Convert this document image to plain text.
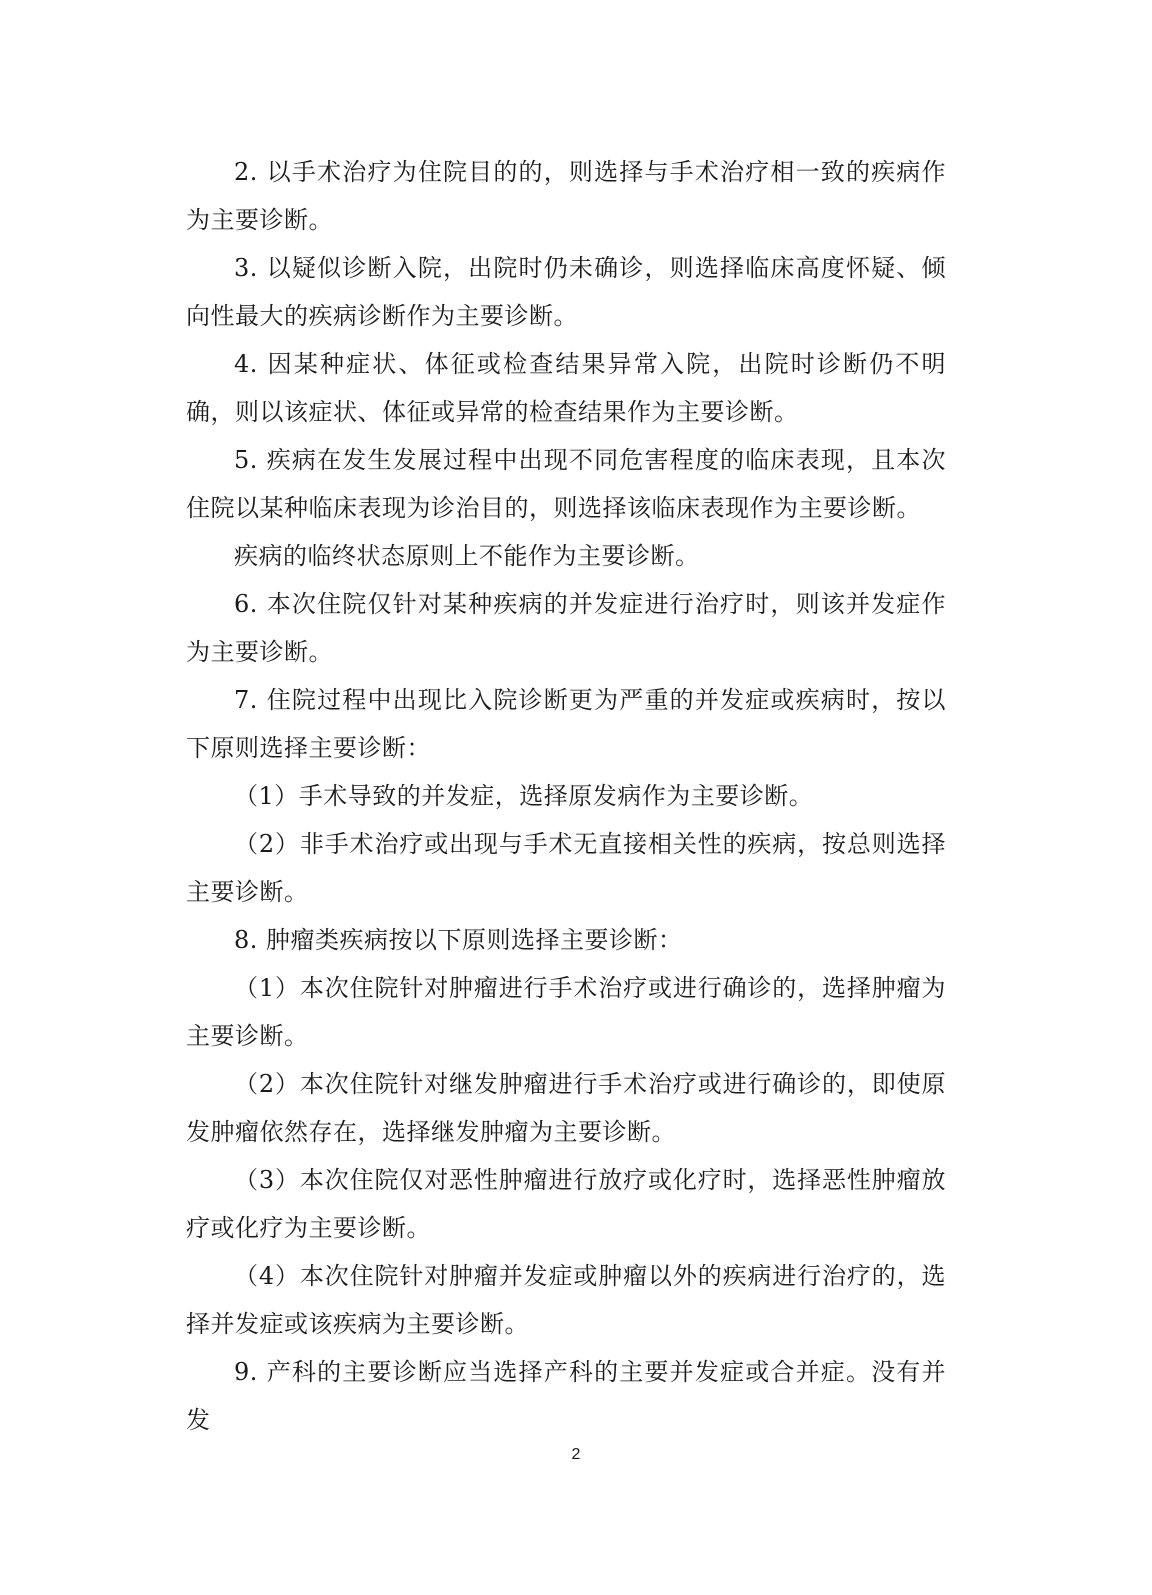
2. 以手术治疗为住院目的的，则选择与手术治疗相一致的疾病作为主要诊断。

3. 以疑似诊断入院，出院时仍未确诊，则选择临床高度怀疑、倾向性最大的疾病诊断作为主要诊断。

4. 因某种症状、体征或检查结果异常入院，出院时诊断仍不明确，则以该症状、体征或异常的检查结果作为主要诊断。

5. 疾病在发生发展过程中出现不同危害程度的临床表现，且本次住院以某种临床表现为诊治目的，则选择该临床表现作为主要诊断。

疾病的临终状态原则上不能作为主要诊断。

6. 本次住院仅针对某种疾病的并发症进行治疗时，则该并发症作为主要诊断。

7. 住院过程中出现比入院诊断更为严重的并发症或疾病时，按以下原则选择主要诊断：

（1）手术导致的并发症，选择原发病作为主要诊断。

（2）非手术治疗或出现与手术无直接相关性的疾病，按总则选择主要诊断。

8. 肿瘤类疾病按以下原则选择主要诊断：

（1）本次住院针对肿瘤进行手术治疗或进行确诊的，选择肿瘤为主要诊断。

（2）本次住院针对继发肿瘤进行手术治疗或进行确诊的，即使原发肿瘤依然存在，选择继发肿瘤为主要诊断。

（3）本次住院仅对恶性肿瘤进行放疗或化疗时，选择恶性肿瘤放疗或化疗为主要诊断。

（4）本次住院针对肿瘤并发症或肿瘤以外的疾病进行治疗的，选择并发症或该疾病为主要诊断。

9. 产科的主要诊断应当选择产科的主要并发症或合并症。没有并发

2
